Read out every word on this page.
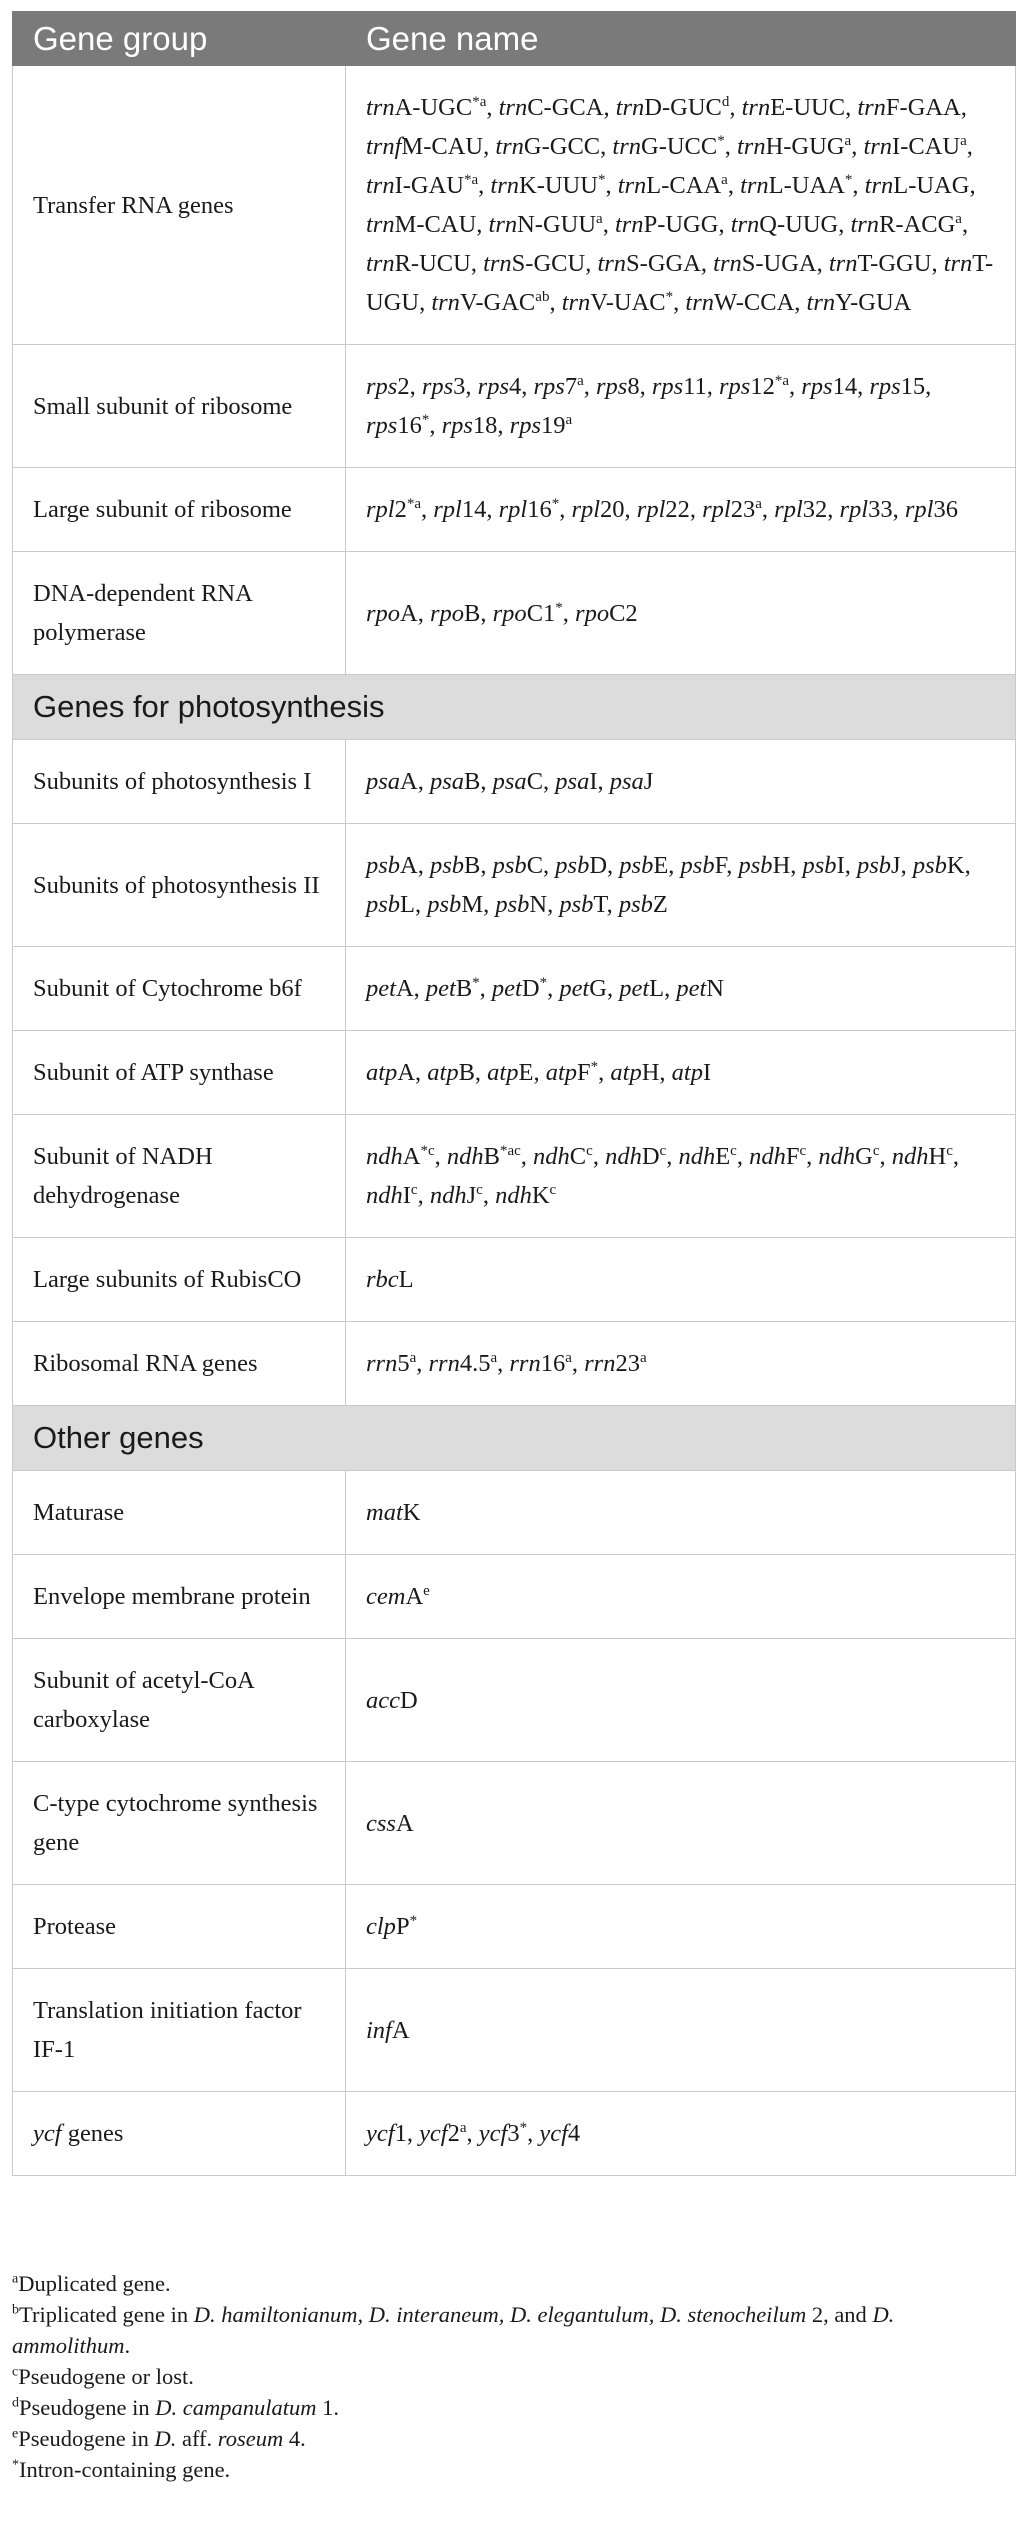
Gene group	Gene name
Transfer RNA genes	trnA-UGC$^{*a}$, trnC-GCA, trnD-GUC$^d$, trnE-UUC, trnF-GAA, trnfM-CAU, trnG-GCC, trnG-UCC*, trnH-GUG$^a$, trnI-CAU$^a$, trnI-GAU$^{*a}$, trnK-UUU*, trnL-CAA$^a$, trnL-UAA*, trnL-UAG, trnM-CAU, trnN-GUU$^a$, trnP-UGG, trnQ-UUG, trnR-ACG$^a$, trnR-UCU, trnS-GCU, trnS-GGA, trnS-UGA, trnT-GGU, trnT-UGU, trnV-$GAC^{ab}$, trnV-UAC*, trnW-CCA, trnY-GUA
Small subunit of ribosome	rps2, rps3, rps4, rps7$^a$, rps8, rps11, rps12$^{*a}$, rps14, rps15, rps16*, rps18, rps19$^a$
Large subunit of ribosome	rpl2$^{*a}$, rpl14, rpl16*, rpl20, rpl22, rpl23$^a$, rpl32, rpl33, rpl36
DNA-dependent RNA polymerase	rpoA, rpoB, rpoC1*, rpoC2
Genes for photosynthesis	
Subunits of photosynthesis I	psaA, psaB, psaC, psaI, psaJ
Subunits of photosynthesis II	psbA, psbB, psbC, psbD, psbE, psbF, psbH, psbI, psbJ, psbK, psbL, psbM, psbN, psbT, psbZ
Subunit of Cytochrome b6f	petA, petB*, petD*, petG, petL, petN
Subunit of ATP synthase	atpA, atpB, atpE, atpF*, atpH, atpI
Subunit of NADH dehydrogenase	ndhA$^{*c}$, ndhB$^{*ac}$, ndhC$^c$, ndhD$^c$, ndhE$^c$, ndhF$^c$, ndhG$^c$, ndhH$^c$, ndhI$^c$, ndhJ$^c$, ndhK$^c$
Large subunits of RubisCO	rbcL
Ribosomal RNA genes	rrn5$^a$, rrn4.5$^a$, rrn16$^a$, rrn23$^a$
Other genes	
Maturase	matK
Envelope membrane protein	cemA$^e$
Subunit of acetyl-CoA carboxylase	accD
C-type cytochrome synthesis gene	cssA
Protease	clpP*
Translation initiation factor IF-1	infA
ycf genes	ycf1, ycf2$^a$, ycf3*, ycf4

$^a$Duplicated gene.

$^b$Triplicated gene in D. hamiltonianum, D. interaneum, D. elegantulum, D. stenocheilum 2, and D. ammolithum.

$^c$Pseudogene or lost.

$^d$Pseudogene in D. campanulatum 1.

$^e$Pseudogene in D. aff. roseum 4.

*Intron-containing gene.
